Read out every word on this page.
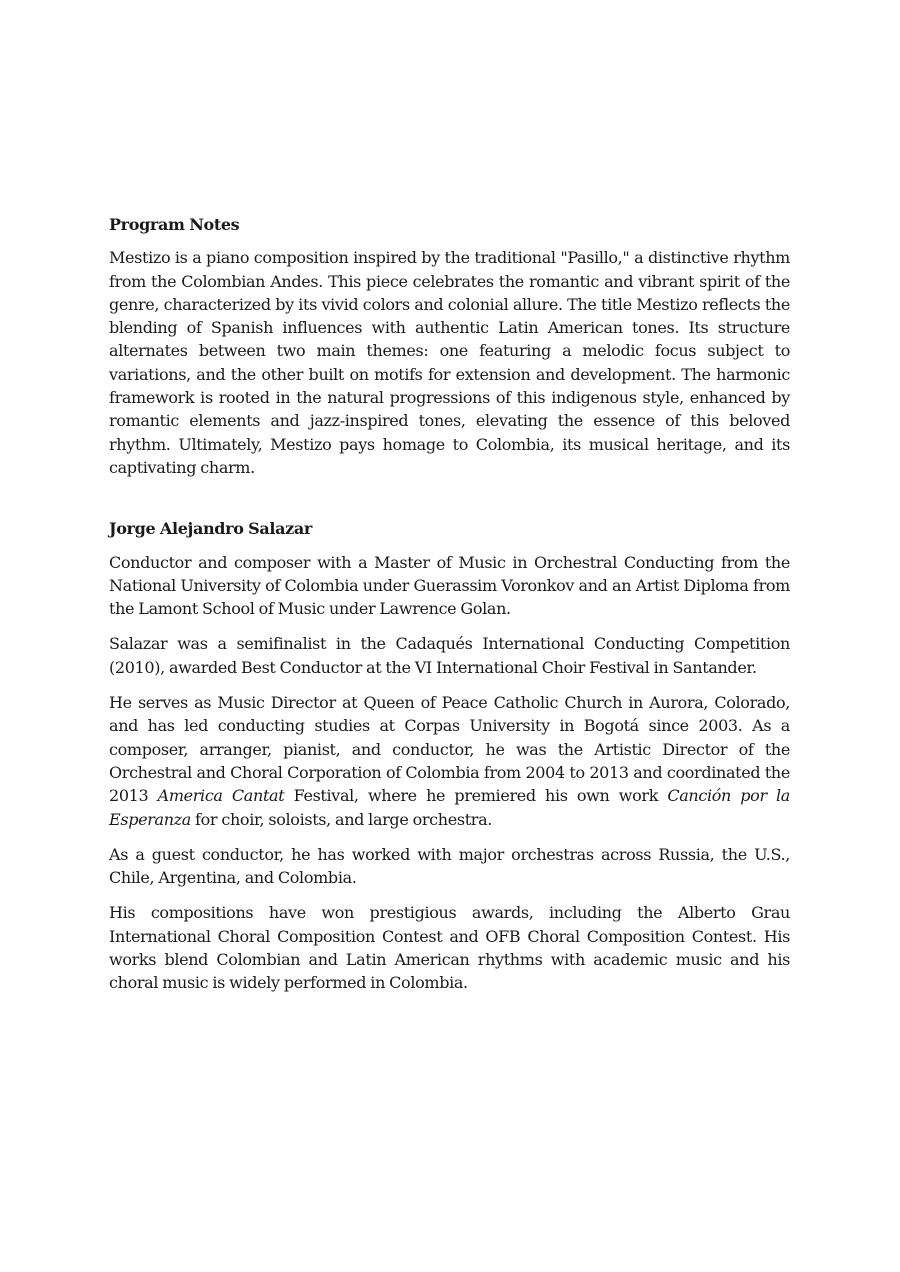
Program Notes

Mestizo is a piano composition inspired by the traditional "Pasillo," a distinctive rhythm from the Colombian Andes. This piece celebrates the romantic and vibrant spirit of the genre, characterized by its vivid colors and colonial allure. The title Mestizo reflects the blending of Spanish influences with authentic Latin American tones. Its structure alternates between two main themes: one featuring a melodic focus subject to variations, and the other built on motifs for extension and development. The harmonic framework is rooted in the natural progressions of this indigenous style, enhanced by romantic elements and jazz-inspired tones, elevating the essence of this beloved rhythm. Ultimately, Mestizo pays homage to Colombia, its musical heritage, and its captivating charm.

Jorge Alejandro Salazar

Conductor and composer with a Master of Music in Orchestral Conducting from the National University of Colombia under Guerassim Voronkov and an Artist Diploma from the Lamont School of Music under Lawrence Golan.

Salazar was a semifinalist in the Cadaqués International Conducting Competition (2010), awarded Best Conductor at the VI International Choir Festival in Santander.

He serves as Music Director at Queen of Peace Catholic Church in Aurora, Colorado, and has led conducting studies at Corpas University in Bogotá since 2003. As a composer, arranger, pianist, and conductor, he was the Artistic Director of the Orchestral and Choral Corporation of Colombia from 2004 to 2013 and coordinated the 2013 America Cantat Festival, where he premiered his own work Canción por la Esperanza for choir, soloists, and large orchestra.

As a guest conductor, he has worked with major orchestras across Russia, the U.S., Chile, Argentina, and Colombia.

His compositions have won prestigious awards, including the Alberto Grau International Choral Composition Contest and OFB Choral Composition Contest. His works blend Colombian and Latin American rhythms with academic music and his choral music is widely performed in Colombia.
